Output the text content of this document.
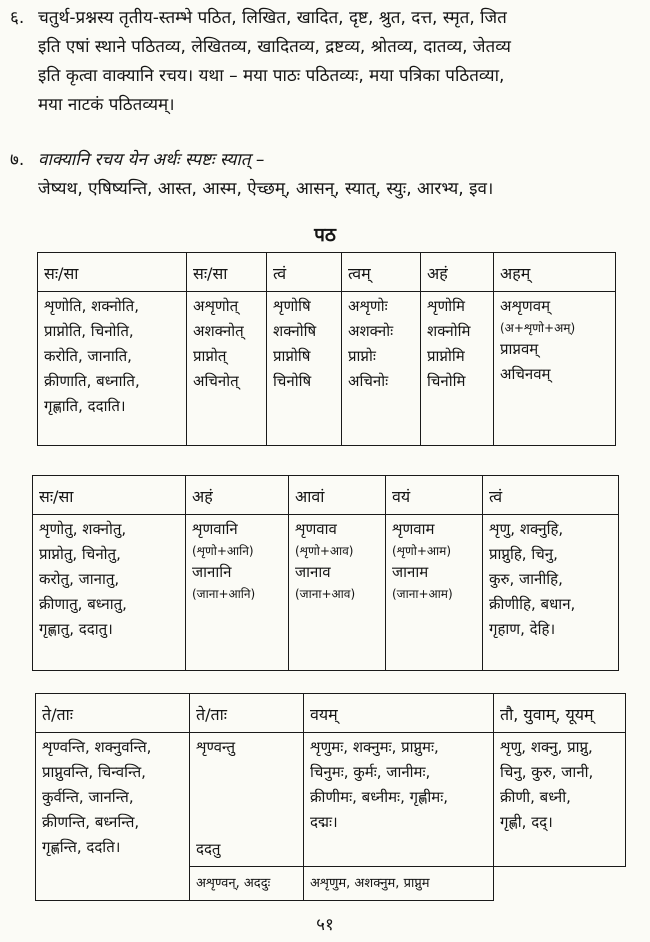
६. चतुर्थ-प्रश्नस्य तृतीय-स्तम्भे पठित, लिखित, खादित, दृष्ट, श्रुत, दत्त, स्मृत, जित
इति एषां स्थाने पठितव्य, लेखितव्य, खादितव्य, द्रष्टव्य, श्रोतव्य, दातव्य, जेतव्य
इति कृत्वा वाक्यानि रचय। यथा – मया पाठः पठितव्यः, मया पत्रिका पठितव्या,
मया नाटकं पठितव्यम्।
७. वाक्यानि रचय येन अर्थः स्पष्टः स्यात् –
जेष्यथ, एषिष्यन्ति, आस्त, आस्म, ऐच्छम्, आसन्, स्यात्, स्युः, आरभ्य, इव।
पठ
सः/सा	सः/सा	त्वं	त्वम्	अहं	अहम्

शृणोति, शक्नोति,
प्राप्नोति, चिनोति,
करोति, जानाति,
क्रीणाति, बध्नाति,
गृह्णाति, ददाति।	अशृणोत्
अशक्नोत्
प्राप्नोत्
अचिनोत्	शृणोषि
शक्नोषि
प्राप्नोषि
चिनोषि	अशृणोः
अशक्नोः
प्राप्नोः
अचिनोः	शृणोमि
शक्नोमि
प्राप्नोमि
चिनोमि	अशृणवम्
(अ+शृणो+अम्)
प्राप्नवम्
अचिनवम्
सः/सा	अहं	आवां	वयं	त्वं

शृणोतु, शक्नोतु,
प्राप्नोतु, चिनोतु,
करोतु, जानातु,
क्रीणातु, बध्नातु,
गृह्णातु, ददातु।	शृणवानि
(शृणो+आनि)
जानानि
(जाना+आनि)	शृणवाव
(शृणो+आव)
जानाव
(जाना+आव)	शृणवाम
(शृणो+आम)
जानाम
(जाना+आम)	शृणु, शक्नुहि,
प्राप्नुहि, चिनु,
कुरु, जानीहि,
क्रीणीहि, बधान,
गृहाण, देहि।
ते/ताः	ते/ताः	वयम्	तौ, युवाम्, यूयम्

शृण्वन्ति, शक्नुवन्ति,
प्राप्नुवन्ति, चिन्वन्ति,
कुर्वन्ति, जानन्ति,
क्रीणन्ति, बध्नन्ति,
गृह्णन्ति, ददति।	शृण्वन्तु
ददतु	शृणुमः, शक्नुमः, प्राप्नुमः,
चिनुमः, कुर्मः, जानीमः,
क्रीणीमः, बध्नीमः, गृह्णीमः,
दद्मः।	शृणु, शक्नु, प्राप्नु,
चिनु, कुरु, जानी,
क्रीणी, बध्नी,
गृह्णी, दद्।

	अशृण्वन्, अददुः	अशृणुम, अशक्नुम, प्राप्नुम	

५१
